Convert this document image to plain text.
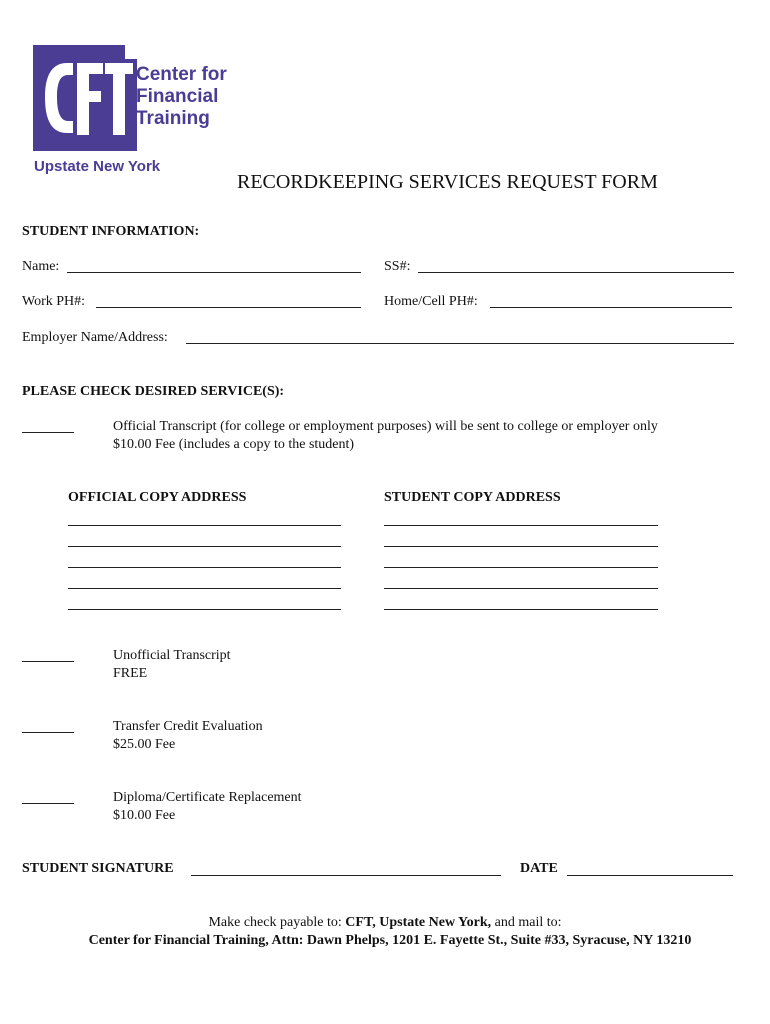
Center for
Financial
Training
Upstate New York
RECORDKEEPING SERVICES REQUEST FORM
STUDENT INFORMATION:
Name:	SS#:
Work PH#:	Home/Cell PH#:
Employer Name/Address:
PLEASE CHECK DESIRED SERVICE(S):
Official Transcript (for college or employment purposes) will be sent to college or employer only
$10.00 Fee (includes a copy to the student)
OFFICIAL COPY ADDRESS	STUDENT COPY ADDRESS
Unofficial Transcript
FREE
Transfer Credit Evaluation
$25.00 Fee
Diploma/Certificate Replacement
$10.00 Fee
STUDENT SIGNATURE	DATE
Make check payable to: CFT, Upstate New York, and mail to:
Center for Financial Training, Attn: Dawn Phelps, 1201 E. Fayette St., Suite #33, Syracuse, NY 13210
